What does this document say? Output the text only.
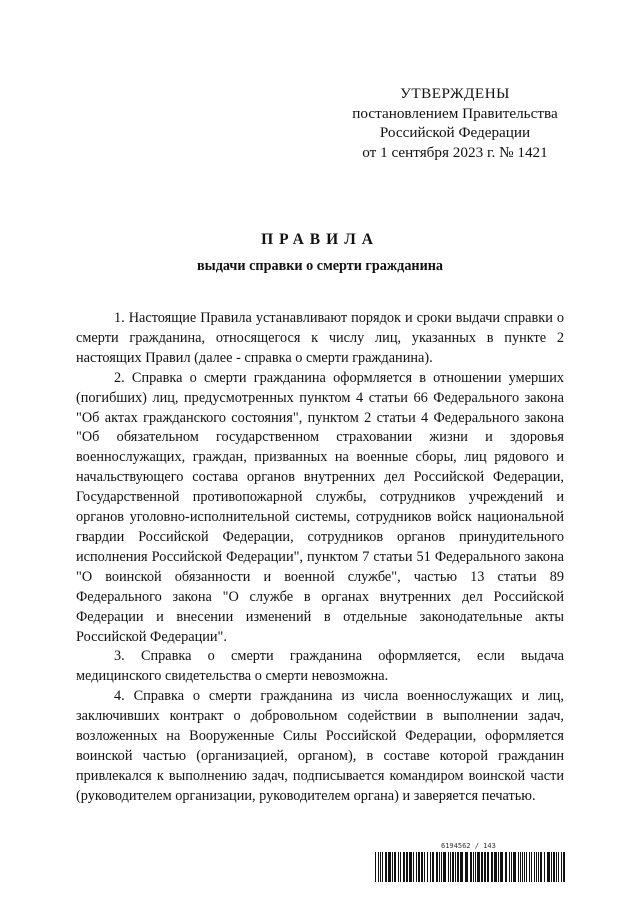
УТВЕРЖДЕНЫ
постановлением Правительства
Российской Федерации
от 1 сентября 2023 г. № 1421
ПРАВИЛА
выдачи справки о смерти гражданина

1. Настоящие Правила устанавливают порядок и сроки выдачи справки о смерти гражданина, относящегося к числу лиц, указанных в пункте 2 настоящих Правил (далее - справка о смерти гражданина).

2. Справка о смерти гражданина оформляется в отношении умерших (погибших) лиц, предусмотренных пунктом 4 статьи 66 Федерального закона "Об актах гражданского состояния", пунктом 2 статьи 4 Федерального закона "Об обязательном государственном страховании жизни и здоровья военнослужащих, граждан, призванных на военные сборы, лиц рядового и начальствующего состава органов внутренних дел Российской Федерации, Государственной противопожарной службы, сотрудников учреждений и органов уголовно-исполнительной системы, сотрудников войск национальной гвардии Российской Федерации, сотрудников органов принудительного исполнения Российской Федерации", пунктом 7 статьи 51 Федерального закона "О воинской обязанности и военной службе", частью 13 статьи 89 Федерального закона "О службе в органах внутренних дел Российской Федерации и внесении изменений в отдельные законодательные акты Российской Федерации".

3. Справка о смерти гражданина оформляется, если выдача медицинского свидетельства о смерти невозможна.

4. Справка о смерти гражданина из числа военнослужащих и лиц, заключивших контракт о добровольном содействии в выполнении задач, возложенных на Вооруженные Силы Российской Федерации, оформляется воинской частью (организацией, органом), в составе которой гражданин привлекался к выполнению задач, подписывается командиром воинской части (руководителем организации, руководителем органа) и заверяется печатью.

6194562 / 143
